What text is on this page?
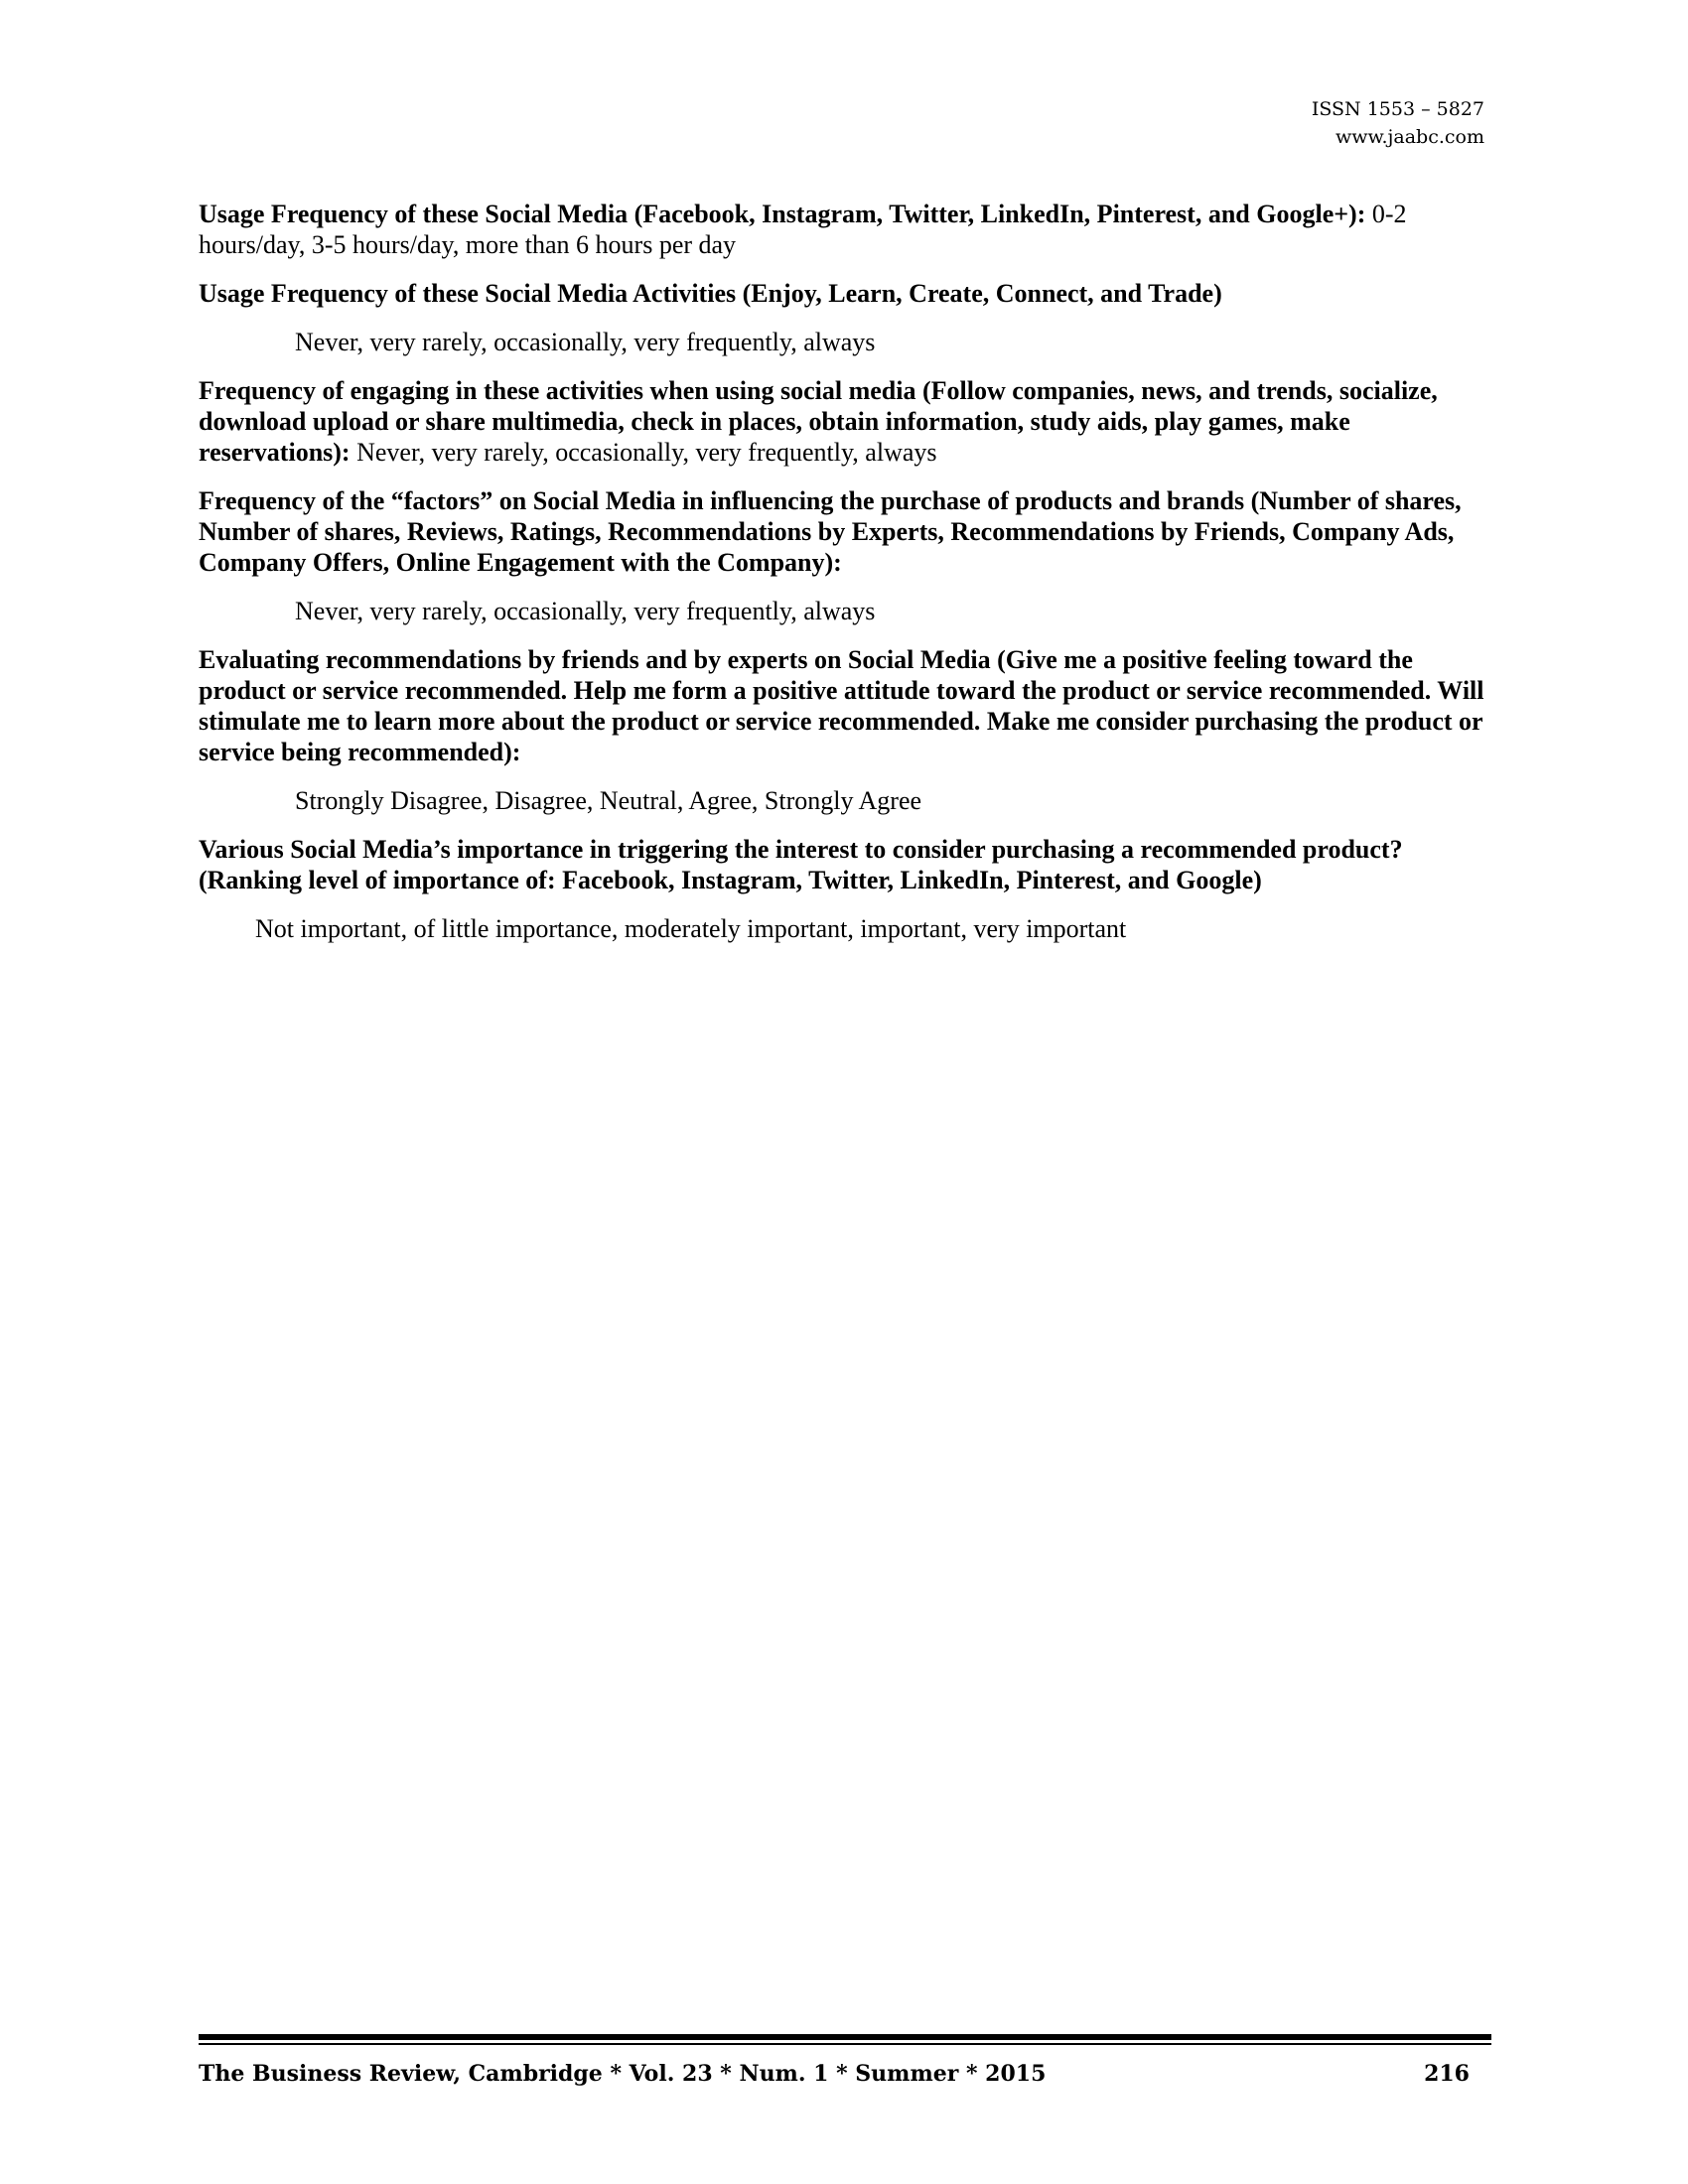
ISSN 1553 – 5827
www.jaabc.com

Usage Frequency of these Social Media (Facebook, Instagram, Twitter, LinkedIn, Pinterest, and Google+): 0-2 hours/day, 3-5 hours/day, more than 6 hours per day

Usage Frequency of these Social Media Activities (Enjoy, Learn, Create, Connect, and Trade)

Never, very rarely, occasionally, very frequently, always

Frequency of engaging in these activities when using social media (Follow companies, news, and trends, socialize, download upload or share multimedia, check in places, obtain information, study aids, play games, make reservations): Never, very rarely, occasionally, very frequently, always

Frequency of the “factors” on Social Media in influencing the purchase of products and brands (Number of shares, Number of shares, Reviews, Ratings, Recommendations by Experts, Recommendations by Friends, Company Ads, Company Offers, Online Engagement with the Company):

Never, very rarely, occasionally, very frequently, always

Evaluating recommendations by friends and by experts on Social Media (Give me a positive feeling toward the product or service recommended. Help me form a positive attitude toward the product or service recommended. Will stimulate me to learn more about the product or service recommended. Make me consider purchasing the product or service being recommended):

Strongly Disagree, Disagree, Neutral, Agree, Strongly Agree

Various Social Media’s importance in triggering the interest to consider purchasing a recommended product? (Ranking level of importance of: Facebook, Instagram, Twitter, LinkedIn, Pinterest, and Google)

Not important, of little importance, moderately important, important, very important

The Business Review, Cambridge * Vol. 23 * Num. 1 * Summer * 2015	216
